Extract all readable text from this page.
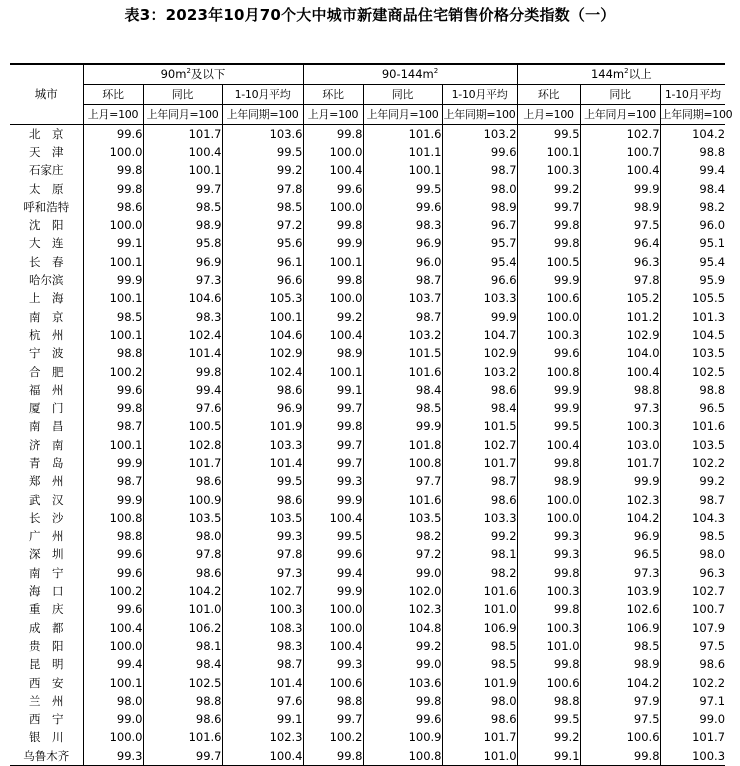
表3：2023年10月70个大中城市新建商品住宅销售价格分类指数（一）
城市	$90m^2$及以下			$90-144m^2$			$144m^2$以上		
	环比	同比	1-10月平均	环比	同比	1-10月平均	环比	同比	1-10月平均
	上月=100	上年同月=100	上年同期=100	上月=100	上年同月=100	上年同期=100	上月=100	上年同月=100	上年同期=100
北　京	99.6	101.7	103.6	99.8	101.6	103.2	99.5	102.7	104.2
天　津	100.0	100.4	99.5	100.0	101.1	99.6	100.1	100.7	98.8
石家庄	99.8	100.1	99.2	100.4	100.1	98.7	100.3	100.4	99.4
太　原	99.8	99.7	97.8	99.6	99.5	98.0	99.2	99.9	98.4
呼和浩特	98.6	98.5	98.5	100.0	99.6	98.9	99.7	98.9	98.2
沈　阳	100.0	98.9	97.2	99.8	98.3	96.7	99.8	97.5	96.0
大　连	99.1	95.8	95.6	99.9	96.9	95.7	99.8	96.4	95.1
长　春	100.1	96.9	96.1	100.1	96.0	95.4	100.5	96.3	95.4
哈尔滨	99.9	97.3	96.6	99.8	98.7	96.6	99.9	97.8	95.9
上　海	100.1	104.6	105.3	100.0	103.7	103.3	100.6	105.2	105.5
南　京	98.5	98.3	100.1	99.2	98.7	99.9	100.0	101.2	101.3
杭　州	100.1	102.4	104.6	100.4	103.2	104.7	100.3	102.9	104.5
宁　波	98.8	101.4	102.9	98.9	101.5	102.9	99.6	104.0	103.5
合　肥	100.2	99.8	102.4	100.1	101.6	103.2	100.8	100.4	102.5
福　州	99.6	99.4	98.6	99.1	98.4	98.6	99.9	98.8	98.8
厦　门	99.8	97.6	96.9	99.7	98.5	98.4	99.9	97.3	96.5
南　昌	98.7	100.5	101.9	99.8	99.9	101.5	99.5	100.3	101.6
济　南	100.1	102.8	103.3	99.7	101.8	102.7	100.4	103.0	103.5
青　岛	99.9	101.7	101.4	99.7	100.8	101.7	99.8	101.7	102.2
郑　州	98.7	98.6	99.5	99.3	97.7	98.7	98.9	99.9	99.2
武　汉	99.9	100.9	98.6	99.9	101.6	98.6	100.0	102.3	98.7
长　沙	100.8	103.5	103.5	100.4	103.5	103.3	100.0	104.2	104.3
广　州	98.8	98.0	99.3	99.5	98.2	99.2	99.3	96.9	98.5
深　圳	99.6	97.8	97.8	99.6	97.2	98.1	99.3	96.5	98.0
南　宁	99.6	98.6	97.3	99.4	99.0	98.2	99.8	97.3	96.3
海　口	100.2	104.2	102.7	99.9	102.0	101.6	100.3	103.9	102.7
重　庆	99.6	101.0	100.3	100.0	102.3	101.0	99.8	102.6	100.7
成　都	100.4	106.2	108.3	100.0	104.8	106.9	100.3	106.9	107.9
贵　阳	100.0	98.1	98.3	100.4	99.2	98.5	101.0	98.5	97.5
昆　明	99.4	98.4	98.7	99.3	99.0	98.5	99.8	98.9	98.6
西　安	100.1	102.5	101.4	100.6	103.6	101.9	100.6	104.2	102.2
兰　州	98.0	98.8	97.6	98.8	99.8	98.0	98.8	97.9	97.1
西　宁	99.0	98.6	99.1	99.7	99.6	98.6	99.5	97.5	99.0
银　川	100.0	101.6	102.3	100.2	100.9	101.7	99.2	100.6	101.7
乌鲁木齐	99.3	99.7	100.4	99.8	100.8	101.0	99.1	99.8	100.3
